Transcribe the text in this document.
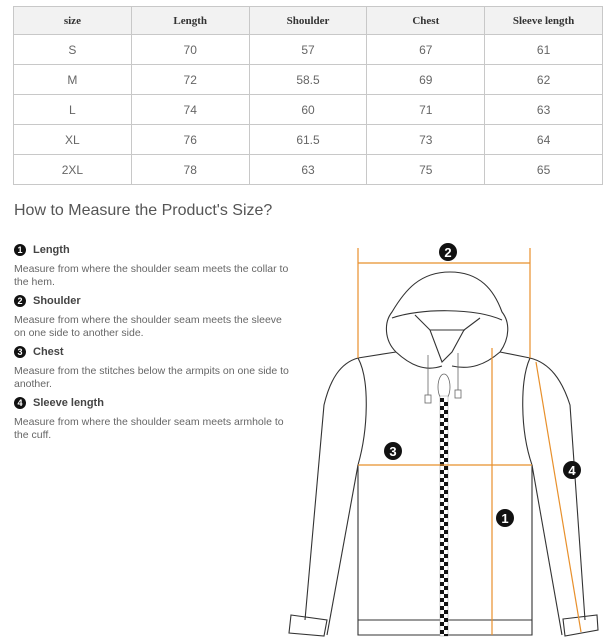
size	Length	Shoulder	Chest	Sleeve length
S	70	57	67	61
M	72	58.5	69	62
L	74	60	71	63
XL	76	61.5	73	64
2XL	78	63	75	65
How to Measure the Product's Size?
1 Length
Measure from where the shoulder seam meets the collar to the hem.
2 Shoulder
Measure from where the shoulder seam meets the sleeve on one side to another side.
3 Chest
Measure from the stitches below the armpits on one side to another.
4 Sleeve length
Measure from where the shoulder seam meets armhole to the cuff.
2
3
1
4
